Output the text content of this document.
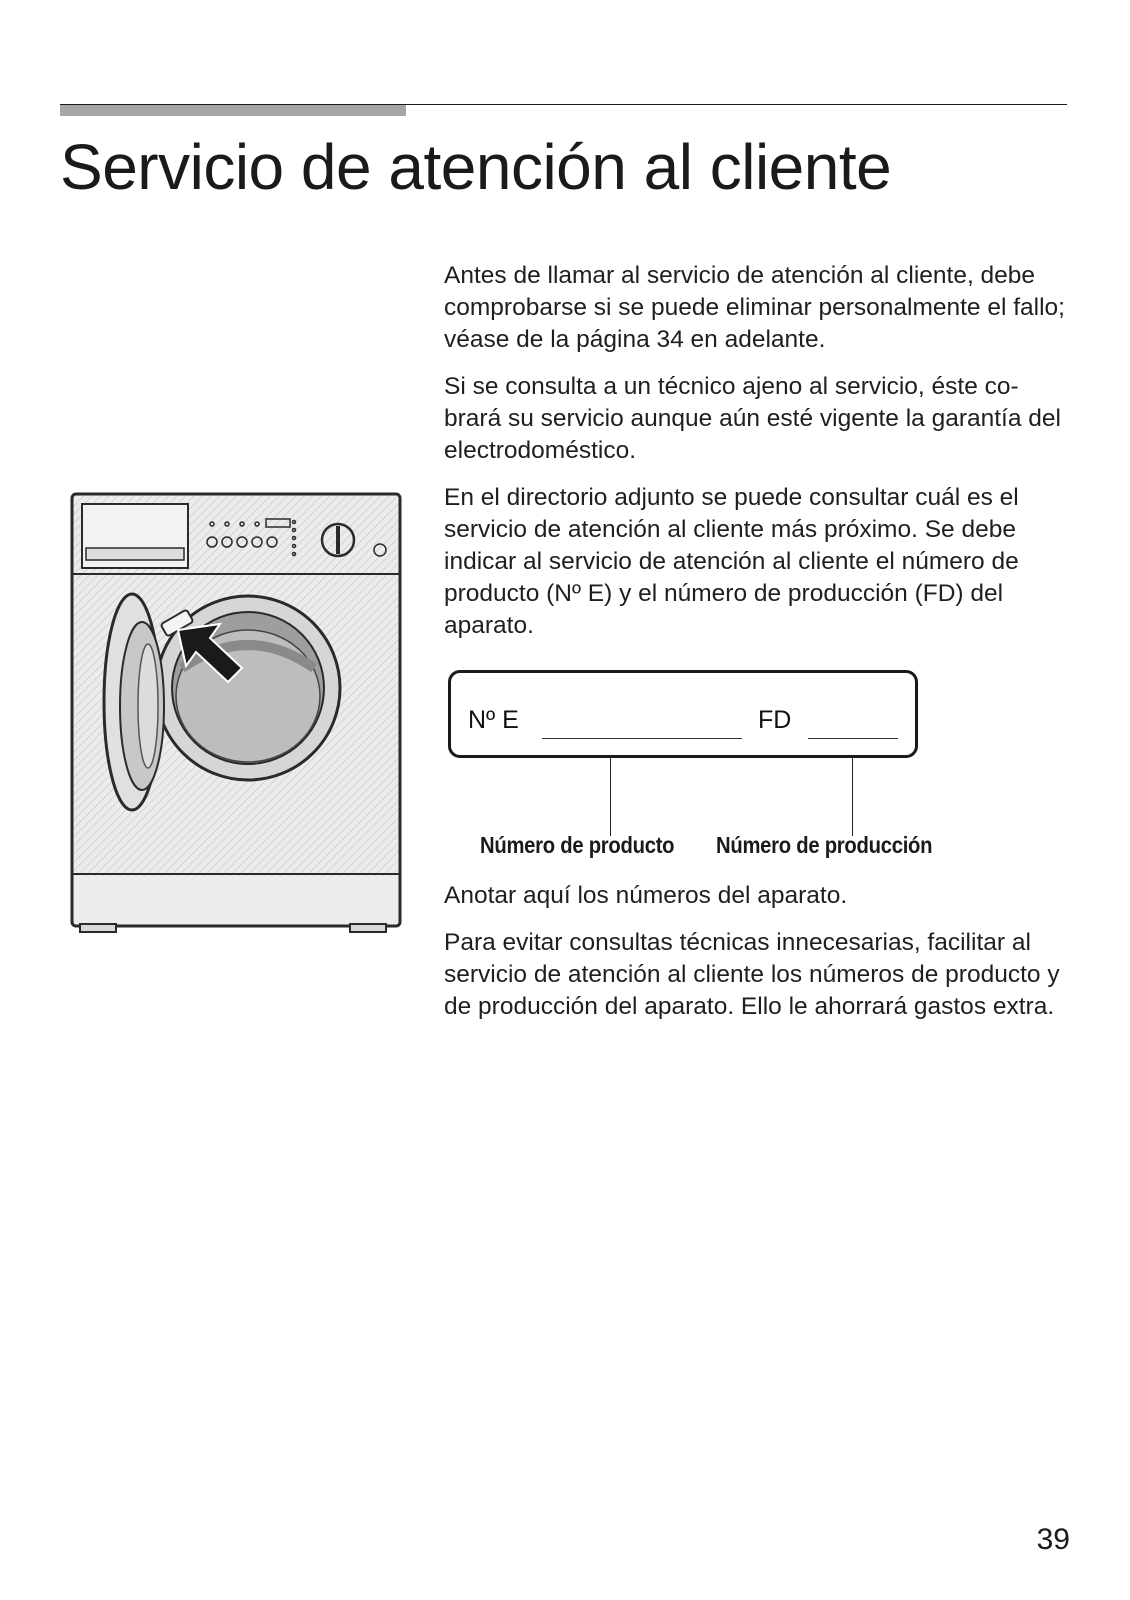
Servicio de atención al cliente

Antes de llamar al servicio de atención al cliente, debe comprobarse si se puede eliminar personalmente el fallo; véase de la página 34 en adelante.

Si se consulta a un técnico ajeno al servicio, éste co-brará su servicio aunque aún esté vigente la garantía del electrodoméstico.

En el directorio adjunto se puede consultar cuál es el servicio de atención al cliente más próximo. Se debe indicar al servicio de atención al cliente el número de producto (Nº E) y el número de producción (FD) del aparato.

Nº E	FD
Número de producto Número de producción

Anotar aquí los números del aparato.

Para evitar consultas técnicas innecesarias, facilitar al servicio de atención al cliente los números de producto y de producción del aparato. Ello le ahorrará gastos extra.

39
